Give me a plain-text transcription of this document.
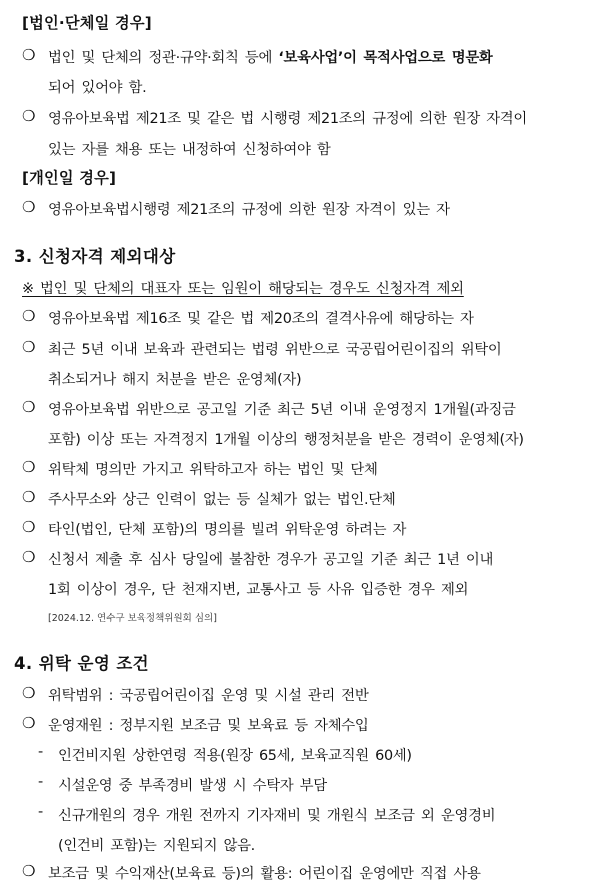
[법인·단체일 경우]
❍ 법인 및 단체의 정관·규약·회칙 등에 ‘보육사업’이 목적사업으로 명문화
되어 있어야 함.
❍ 영유아보육법 제21조 및 같은 법 시행령 제21조의 규정에 의한 원장 자격이
있는 자를 채용 또는 내정하여 신청하여야 함
[개인일 경우]
❍ 영유아보육법시행령 제21조의 규정에 의한 원장 자격이 있는 자
3. 신청자격 제외대상
※ 법인 및 단체의 대표자 또는 임원이 해당되는 경우도 신청자격 제외
❍ 영유아보육법 제16조 및 같은 법 제20조의 결격사유에 해당하는 자
❍ 최근 5년 이내 보육과 관련되는 법령 위반으로 국공립어린이집의 위탁이
취소되거나 해지 처분을 받은 운영체(자)
❍ 영유아보육법 위반으로 공고일 기준 최근 5년 이내 운영정지 1개월(과징금
포함) 이상 또는 자격정지 1개월 이상의 행정처분을 받은 경력이 운영체(자)
❍ 위탁체 명의만 가지고 위탁하고자 하는 법인 및 단체
❍ 주사무소와 상근 인력이 없는 등 실체가 없는 법인.단체
❍ 타인(법인, 단체 포함)의 명의를 빌려 위탁운영 하려는 자
❍ 신청서 제출 후 심사 당일에 불참한 경우가 공고일 기준 최근 1년 이내
1회 이상이 경우, 단 천재지변, 교통사고 등 사유 입증한 경우 제외
[2024.12. 연수구 보육정책위원회 심의]
4. 위탁 운영 조건
❍ 위탁범위 : 국공립어린이집 운영 및 시설 관리 전반
❍ 운영재원 : 정부지원 보조금 및 보육료 등 자체수입
- 인건비지원 상한연령 적용(원장 65세, 보육교직원 60세)
- 시설운영 중 부족경비 발생 시 수탁자 부담
- 신규개원의 경우 개원 전까지 기자재비 및 개원식 보조금 외 운영경비
(인건비 포함)는 지원되지 않음.
❍ 보조금 및 수익재산(보육료 등)의 활용: 어린이집 운영에만 직접 사용
